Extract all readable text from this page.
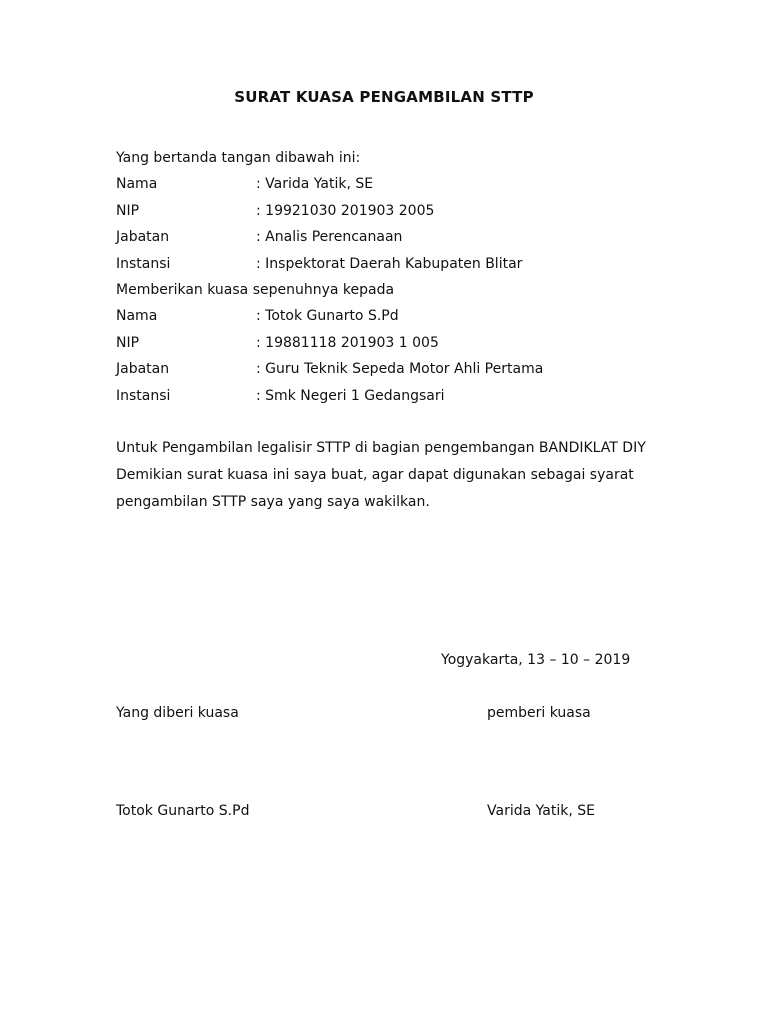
SURAT KUASA PENGAMBILAN STTP
Yang bertanda tangan dibawah ini:
Nama	: Varida Yatik, SE
NIP	: 19921030 201903 2005
Jabatan	: Analis Perencanaan
Instansi	: Inspektorat Daerah Kabupaten Blitar
Memberikan kuasa sepenuhnya kepada
Nama	: Totok Gunarto S.Pd
NIP	: 19881118 201903 1 005
Jabatan	: Guru Teknik Sepeda Motor Ahli Pertama
Instansi	: Smk Negeri 1 Gedangsari
Untuk Pengambilan legalisir STTP di bagian pengembangan BANDIKLAT DIY
Demikian surat kuasa ini saya buat, agar dapat digunakan sebagai syarat
pengambilan STTP saya yang saya wakilkan.
Yogyakarta, 13 – 10 – 2019
Yang diberi kuasa	pemberi kuasa
Totok Gunarto S.Pd	Varida Yatik, SE
